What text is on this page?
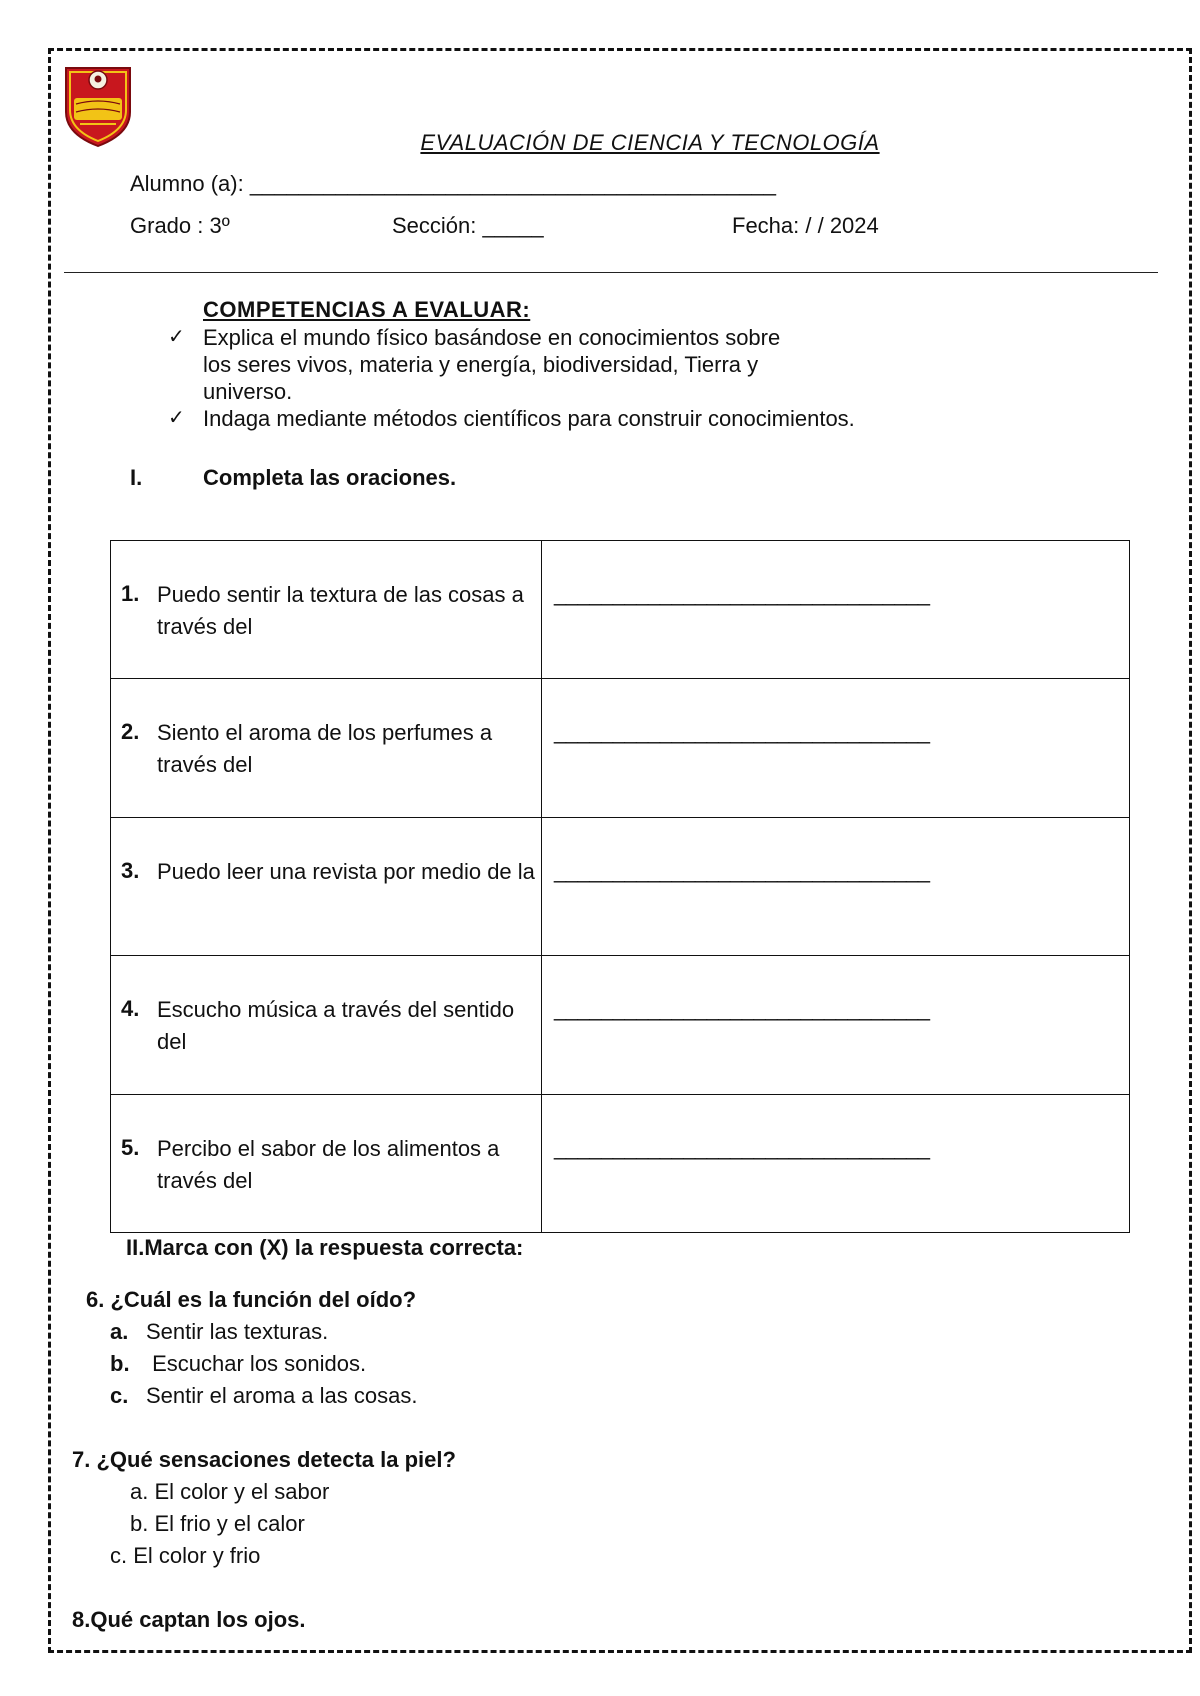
EVALUACIÓN DE CIENCIA Y TECNOLOGÍA
Alumno (a): ___________________________________________
Grado : 3º	Sección: _____	Fecha: / / 2024
COMPETENCIAS A EVALUAR:
✓ Explica el mundo físico basándose en conocimientos sobre
los seres vivos, materia y energía, biodiversidad, Tierra y
universo.
✓ Indaga mediante métodos científicos para construir conocimientos.
I.	Completa las oraciones.
1. Puedo sentir la textura de las cosas a través del	________________________________

2. Siento el aroma de los perfumes a través del	________________________________

3. Puedo leer una revista por medio de la	________________________________

4. Escucho música a través del sentido del	________________________________

5. Percibo el sabor de los alimentos a través del	________________________________
II.Marca con (X) la respuesta correcta:
6. ¿Cuál es la función del oído?
a. Sentir las texturas.
b. Escuchar los sonidos.
c. Sentir el aroma a las cosas.
7. ¿Qué sensaciones detecta la piel?
a. El color y el sabor
b. El frio y el calor
c. El color y frio
8.Qué captan los ojos.
